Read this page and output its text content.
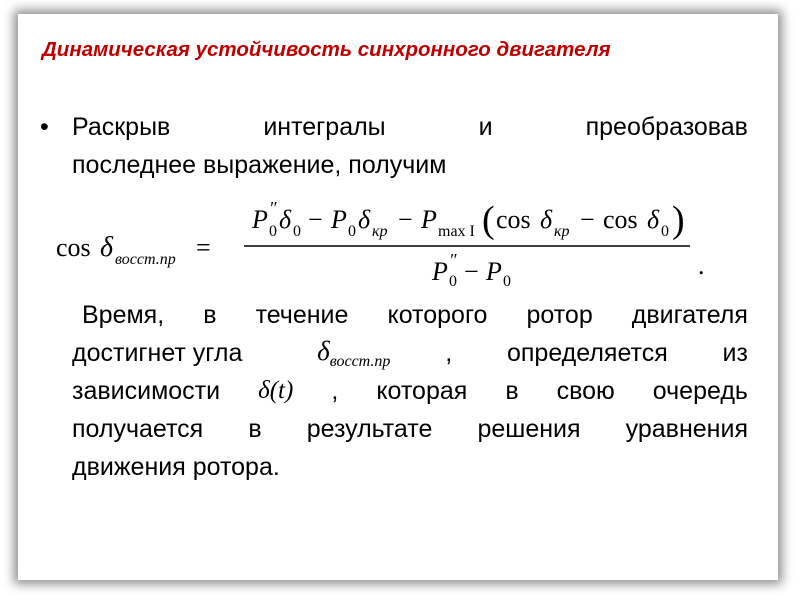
Динамическая устойчивость синхронного двигателя
• Раскрыв	интегралы	и	преобразовав
последнее выражение, получим
cos δ восст.пр =
P ″
0 δ 0 − P 0 δ кр − P max I ( cos δ кр − cos δ 0 )
P ″
0 − P 0
.
Время, в течение которого ротор двигателя
достигнет угла	$\delta_{восст.пр}$ , определяется из
зависимости δ(t) , которая в свою очередь
получается в результате решения уравнения
движения ротора.
